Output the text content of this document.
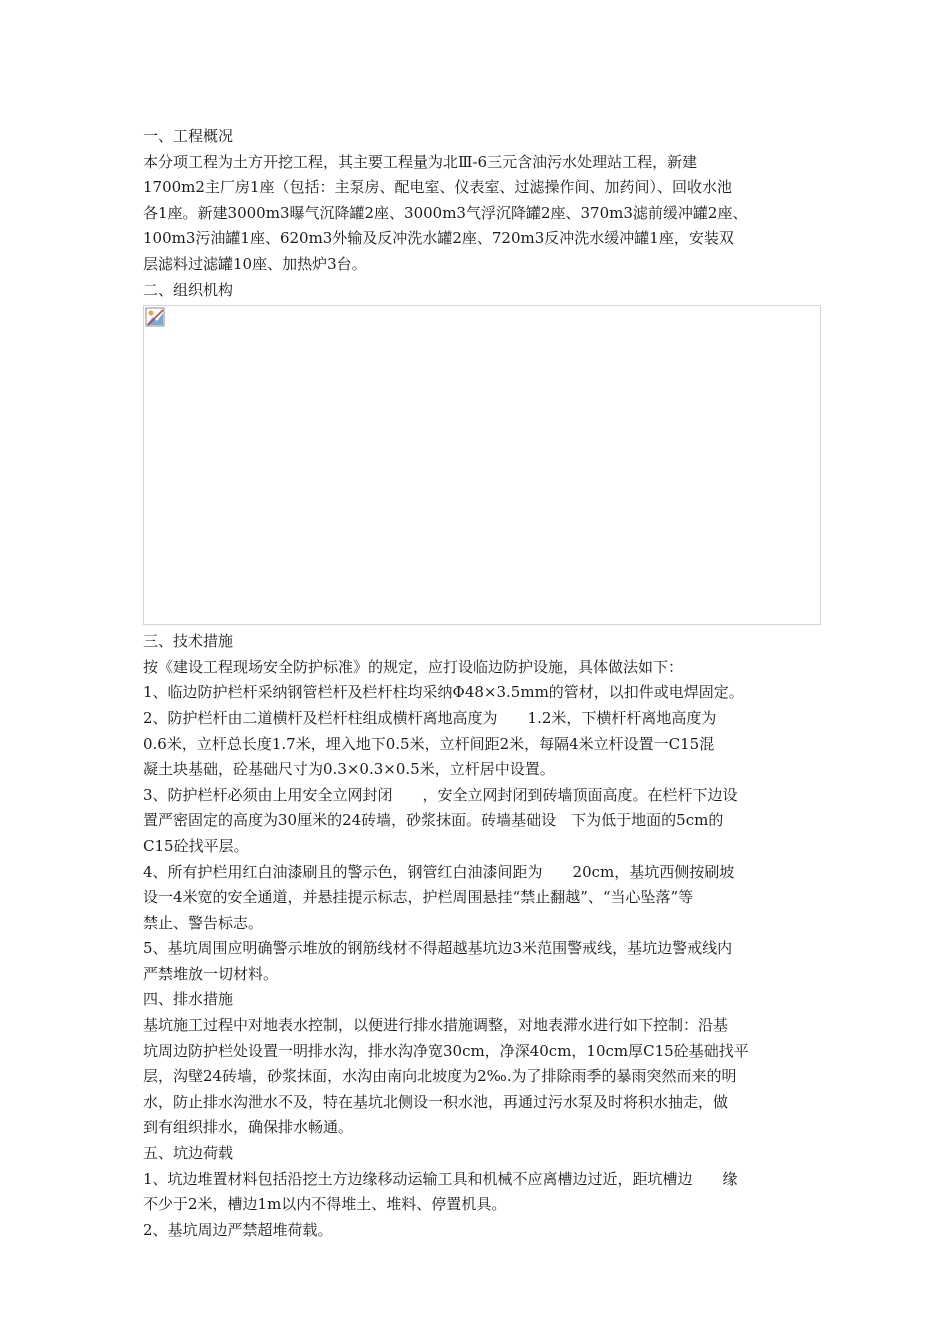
一、工程概况
本分项工程为土方开挖工程，其主要工程量为北Ⅲ-6三元含油污水处理站工程，新建
1700m2主厂房1座（包括：主泵房、配电室、仪表室、过滤操作间、加药间）、回收水池
各1座。新建3000m3曝气沉降罐2座、3000m3气浮沉降罐2座、370m3滤前缓冲罐2座、
100m3污油罐1座、620m3外输及反冲洗水罐2座、720m3反冲洗水缓冲罐1座，安装双
层滤料过滤罐10座、加热炉3台。
二、组织机构
三、技术措施
按《建设工程现场安全防护标准》的规定，应打设临边防护设施，具体做法如下：
1、临边防护栏杆采纳钢管栏杆及栏杆柱均采纳Φ48×3.5mm的管材，以扣件或电焊固定。
2、防护栏杆由二道横杆及栏杆柱组成横杆离地高度为　　1.2米，下横杆杆离地高度为
0.6米，立杆总长度1.7米，埋入地下0.5米，立杆间距2米，每隔4米立杆设置一C15混
凝土块基础，砼基础尺寸为0.3×0.3×0.5米，立杆居中设置。
3、防护栏杆必须由上用安全立网封闭　　，安全立网封闭到砖墙顶面高度。在栏杆下边设
置严密固定的高度为30厘米的24砖墙，砂浆抹面。砖墙基础设　下为低于地面的5cm的
C15砼找平层。
4、所有护栏用红白油漆刷且的警示色，钢管红白油漆间距为　　20cm，基坑西侧按刷坡
设一4米宽的安全通道，并悬挂提示标志，护栏周围悬挂“禁止翻越”、“当心坠落”等
禁止、警告标志。
5、基坑周围应明确警示堆放的钢筋线材不得超越基坑边3米范围警戒线，基坑边警戒线内
严禁堆放一切材料。
四、排水措施
基坑施工过程中对地表水控制，以便进行排水措施调整，对地表滞水进行如下控制：沿基
坑周边防护栏处设置一明排水沟，排水沟净宽30cm，净深40cm，10cm厚C15砼基础找平
层，沟壁24砖墙，砂浆抹面，水沟由南向北坡度为2‰.为了排除雨季的暴雨突然而来的明
水，防止排水沟泄水不及，特在基坑北侧设一积水池，再通过污水泵及时将积水抽走，做
到有组织排水，确保排水畅通。
五、坑边荷载
1、坑边堆置材料包括沿挖土方边缘移动运输工具和机械不应离槽边过近，距坑槽边　　缘
不少于2米，槽边1m以内不得堆土、堆料、停置机具。
2、基坑周边严禁超堆荷载。
